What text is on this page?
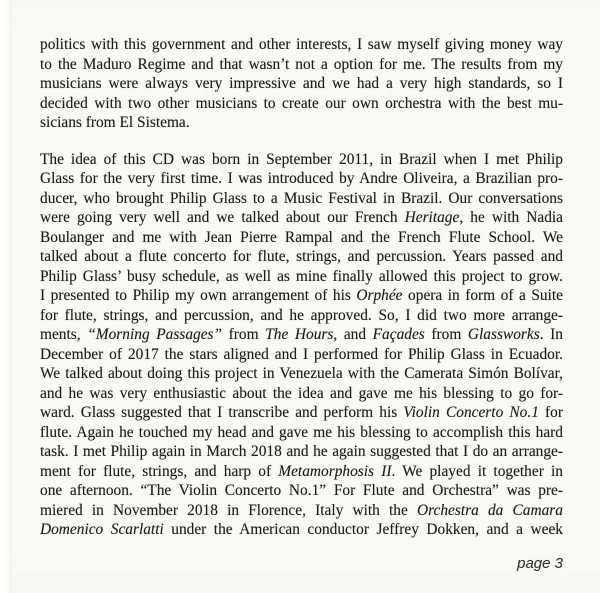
politics with this government and other interests, I saw myself giving money way
to the Maduro Regime and that wasn’t not a option for me. The results from my
musicians were always very impressive and we had a very high standards, so I
decided with two other musicians to create our own orchestra with the best mu-
sicians from El Sistema.
The idea of this CD was born in September 2011, in Brazil when I met Philip
Glass for the very first time. I was introduced by Andre Oliveira, a Brazilian pro-
ducer, who brought Philip Glass to a Music Festival in Brazil. Our conversations
were going very well and we talked about our French Heritage, he with Nadia
Boulanger and me with Jean Pierre Rampal and the French Flute School. We
talked about a flute concerto for flute, strings, and percussion. Years passed and
Philip Glass’ busy schedule, as well as mine finally allowed this project to grow.
I presented to Philip my own arrangement of his Orphée opera in form of a Suite
for flute, strings, and percussion, and he approved. So, I did two more arrange-
ments, “Morning Passages” from The Hours, and Façades from Glassworks. In
December of 2017 the stars aligned and I performed for Philip Glass in Ecuador.
We talked about doing this project in Venezuela with the Camerata Simón Bolívar,
and he was very enthusiastic about the idea and gave me his blessing to go for-
ward. Glass suggested that I transcribe and perform his Violin Concerto No.1 for
flute. Again he touched my head and gave me his blessing to accomplish this hard
task. I met Philip again in March 2018 and he again suggested that I do an arrange-
ment for flute, strings, and harp of Metamorphosis II. We played it together in
one afternoon. “The Violin Concerto No.1” For Flute and Orchestra” was pre-
miered in November 2018 in Florence, Italy with the Orchestra da Camara
Domenico Scarlatti under the American conductor Jeffrey Dokken, and a week
page 3
